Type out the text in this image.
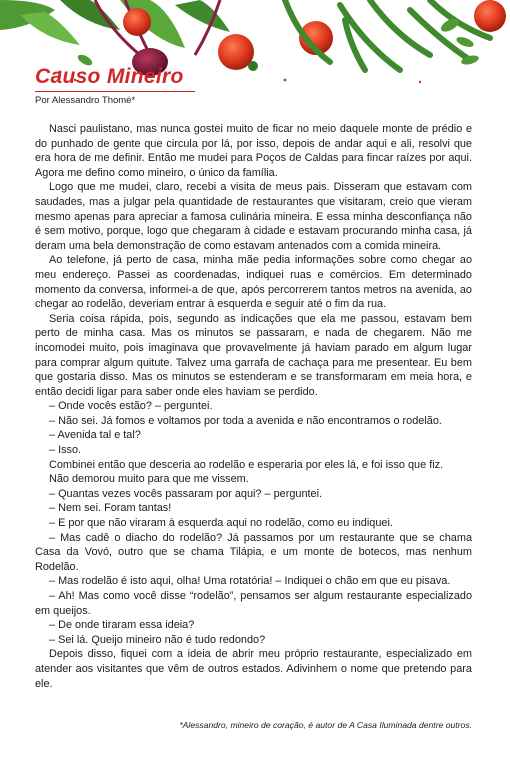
Causo Mineiro
Por Alessandro Thomé*

Nasci paulistano, mas nunca gostei muito de ficar no meio daquele monte de prédio e do punhado de gente que circula por lá, por isso, depois de andar aqui e ali, resolvi que era hora de me definir. Então me mudei para Poços de Caldas para fincar raízes por aqui. Agora me defino como mineiro, o único da família.

Logo que me mudei, claro, recebi a visita de meus pais. Disseram que estavam com saudades, mas a julgar pela quantidade de restaurantes que visitaram, creio que vieram mesmo apenas para apreciar a famosa culinária mineira. E essa minha desconfiança não é sem motivo, porque, logo que chegaram à cidade e estavam procurando minha casa, já deram uma bela demonstração de como estavam antenados com a comida mineira.

Ao telefone, já perto de casa, minha mãe pedia informações sobre como chegar ao meu endereço. Passei as coordenadas, indiquei ruas e comércios. Em determinado momento da conversa, informei-a de que, após percorrerem tantos metros na avenida, ao chegar ao rodelão, deveriam entrar à esquerda e seguir até o fim da rua.

Seria coisa rápida, pois, segundo as indicações que ela me passou, estavam bem perto de minha casa. Mas os minutos se passaram, e nada de chegarem. Não me incomodei muito, pois imaginava que provavelmente já haviam parado em algum lugar para comprar algum quitute. Talvez uma garrafa de cachaça para me presentear. Eu bem que gostaria disso. Mas os minutos se estenderam e se transformaram em meia hora, e então decidi ligar para saber onde eles haviam se perdido.

– Onde vocês estão? – perguntei.

– Não sei. Já fomos e voltamos por toda a avenida e não encontramos o rodelão.

– Avenida tal e tal?

– Isso.

Combinei então que desceria ao rodelão e esperaria por eles lá, e foi isso que fiz.

Não demorou muito para que me vissem.

– Quantas vezes vocês passaram por aqui? – perguntei.

– Nem sei. Foram tantas!

– E por que não viraram à esquerda aqui no rodelão, como eu indiquei.

– Mas cadê o diacho do rodelão? Já passamos por um restaurante que se chama Casa da Vovó, outro que se chama Tilápia, e um monte de botecos, mas nenhum Rodelão.

– Mas rodelão é isto aqui, olha! Uma rotatória! – Indiquei o chão em que eu pisava.

– Ah! Mas como você disse “rodelão”, pensamos ser algum restaurante especializado em queijos.

– De onde tiraram essa ideia?

– Sei lá. Queijo mineiro não é tudo redondo?

Depois disso, fiquei com a ideia de abrir meu próprio restaurante, especializado em atender aos visitantes que vêm de outros estados. Adivinhem o nome que pretendo para ele.

*Alessandro, mineiro de coração, é autor de A Casa Iluminada dentre outros.
